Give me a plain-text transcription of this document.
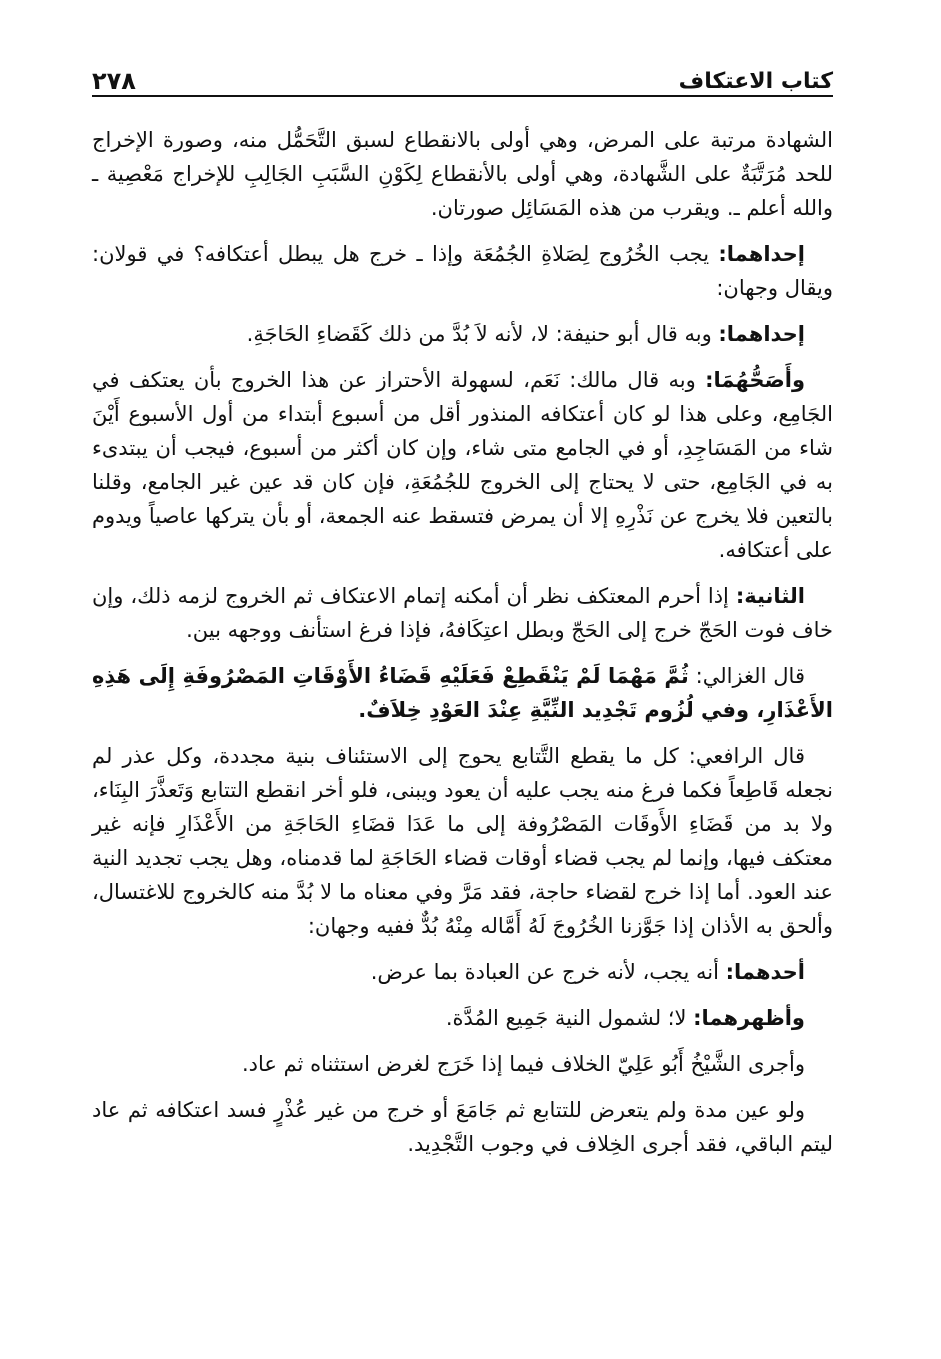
كتاب الاعتكاف
٢٧٨

الشهادة مرتبة على المرض، وهي أولى بالانقطاع لسبق التَّحَمُّل منه، وصورة الإخراج للحد مُرَتَّبَةٌ على الشَّهادة، وهي أولى بالأنقطاع لِكَوْنِ السَّبَبِ الجَالِبِ للإخراج مَعْصِية ـ والله أعلم ـ. ويقرب من هذه المَسَائِل صورتان.

إحداهما: يجب الخُرُوج لِصَلاةِ الجُمُعَة وإذا ـ خرج هل يبطل أعتكافه؟ في قولان: ويقال وجهان:

إحداهما: وبه قال أبو حنيفة: لا، لأنه لاَ بُدَّ من ذلك كَقَضاءِ الحَاجَةِ.

وأَصَحُّهُمَا: وبه قال مالك: نَعَم، لسهولة الأحتراز عن هذا الخروج بأن يعتكف في الجَامِع، وعلى هذا لو كان أعتكافه المنذور أقل من أسبوع أبتداء من أول الأسبوع أَيْنَ شاء من المَسَاجِدِ، أو في الجامع متى شاء، وإن كان أكثر من أسبوع، فيجب أن يبتدىء به في الجَامِع، حتى لا يحتاج إلى الخروج للجُمُعَةِ، فإن كان قد عين غير الجامع، وقلنا بالتعين فلا يخرج عن نَذْرِهِ إلا أن يمرض فتسقط عنه الجمعة، أو بأن يتركها عاصياً ويدوم على أعتكافه.

الثانية: إذا أحرم المعتكف نظر أن أمكنه إتمام الاعتكاف ثم الخروج لزمه ذلك، وإن خاف فوت الحَجّ خرج إلى الحَجّ وبطل اعتِكَافهُ، فإذا فرغ استأنف ووجهه بين.

قال الغزالي: ثُمَّ مَهْمَا لَمْ يَنْقَطِعْ فَعَلَيْهِ قَضَاءُ الأَوْقَاتِ المَصْرُوفَةِ إِلَى هَذِهِ الأَعْذَارِ، وفي لُزُوم تَجْدِيد النِّيَّةِ عِنْدَ العَوْدِ خِلاَفٌ.

قال الرافعي: كل ما يقطع التَّتابع يحوج إلى الاستئناف بنية مجددة، وكل عذر لم نجعله قَاطِعاً فكما فرغ منه يجب عليه أن يعود ويبنى، فلو أخر انقطع التتابع وَتَعذَّرَ البِنَاء، ولا بد من قَضَاءِ الأَوقَات المَصْرُوفة إلى ما عَدَا قضَاءِ الحَاجَةِ من الأَعْذَارِ فإنه غير معتكف فيها، وإنما لم يجب قضاء أوقات قضاء الحَاجَةِ لما قدمناه، وهل يجب تجديد النية عند العود. أما إذا خرج لقضاء حاجة، فقد مَرَّ وفي معناه ما لا بُدَّ منه كالخروج للاغتسال، وألحق به الأذان إذا جَوَّزنا الخُرُوجَ لَهُ أَمَّاله مِنْهُ بُدٌّ ففيه وجهان:

أحدهما: أنه يجب، لأنه خرج عن العبادة بما عرض.

وأظهرهما: لا؛ لشمول النية جَمِيع المُدَّة.

وأجرى الشَّيْخُ أَبُو عَلِيّ الخلاف فيما إذا خَرَج لغرض استثناه ثم عاد.

ولو عين مدة ولم يتعرض للتتابع ثم جَامَعَ أو خرج من غير عُذْرٍ فسد اعتكافه ثم عاد ليتم الباقي، فقد أجرى الخِلاف في وجوب التَّجْدِيد.
